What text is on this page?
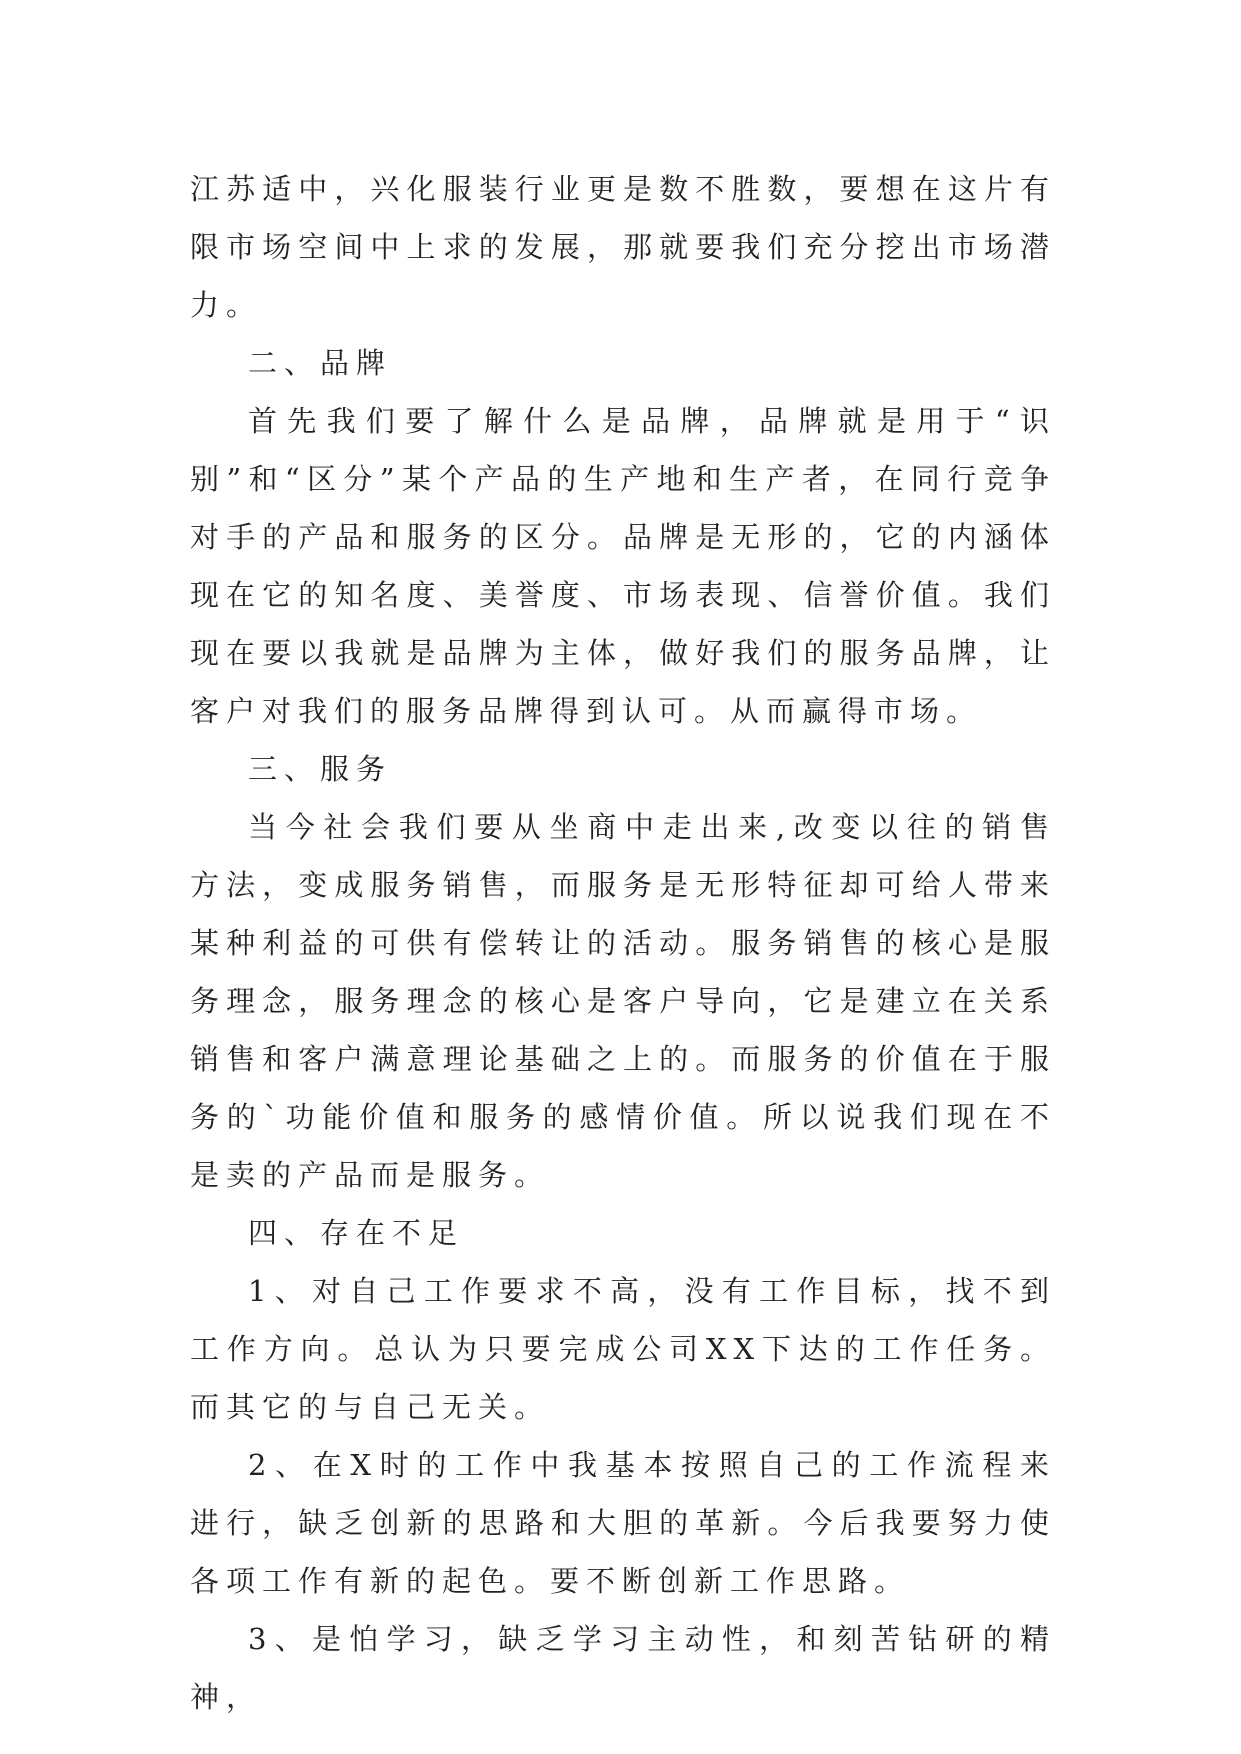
江苏适中，兴化服装行业更是数不胜数，要想在这片有限市场空间中上求的发展，那就要我们充分挖出市场潜力。

二、品牌

首先我们要了解什么是品牌，品牌就是用于“识别”和“区分”某个产品的生产地和生产者，在同行竞争对手的产品和服务的区分。品牌是无形的，它的内涵体现在它的知名度、美誉度、市场表现、信誉价值。我们现在要以我就是品牌为主体，做好我们的服务品牌，让客户对我们的服务品牌得到认可。从而赢得市场。

三、服务

当今社会我们要从坐商中走出来,改变以往的销售方法，变成服务销售，而服务是无形特征却可给人带来某种利益的可供有偿转让的活动。服务销售的核心是服务理念，服务理念的核心是客户导向，它是建立在关系销售和客户满意理论基础之上的。而服务的价值在于服务的`功能价值和服务的感情价值。所以说我们现在不是卖的产品而是服务。

四、存在不足

1、对自己工作要求不高，没有工作目标，找不到工作方向。总认为只要完成公司XX下达的工作任务。而其它的与自己无关。

2、在X时的工作中我基本按照自己的工作流程来进行，缺乏创新的思路和大胆的革新。今后我要努力使各项工作有新的起色。要不断创新工作思路。

3、是怕学习，缺乏学习主动性，和刻苦钻研的精神，
